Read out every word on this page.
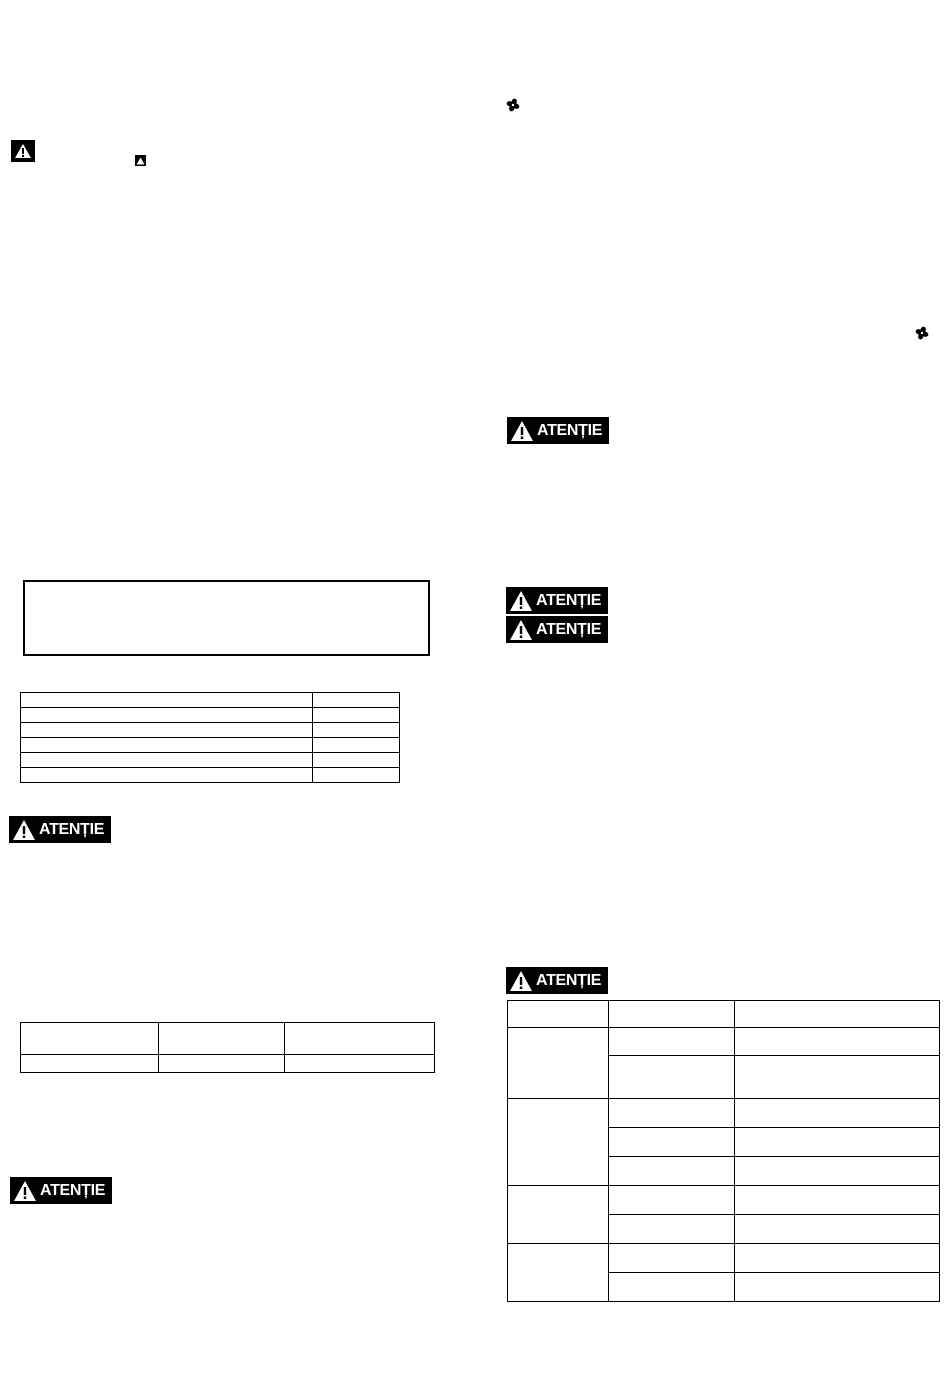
ATENȚIE

ATENȚIE
ATENȚIE
ATENȚIE
ATENȚIE
ATENȚIE
